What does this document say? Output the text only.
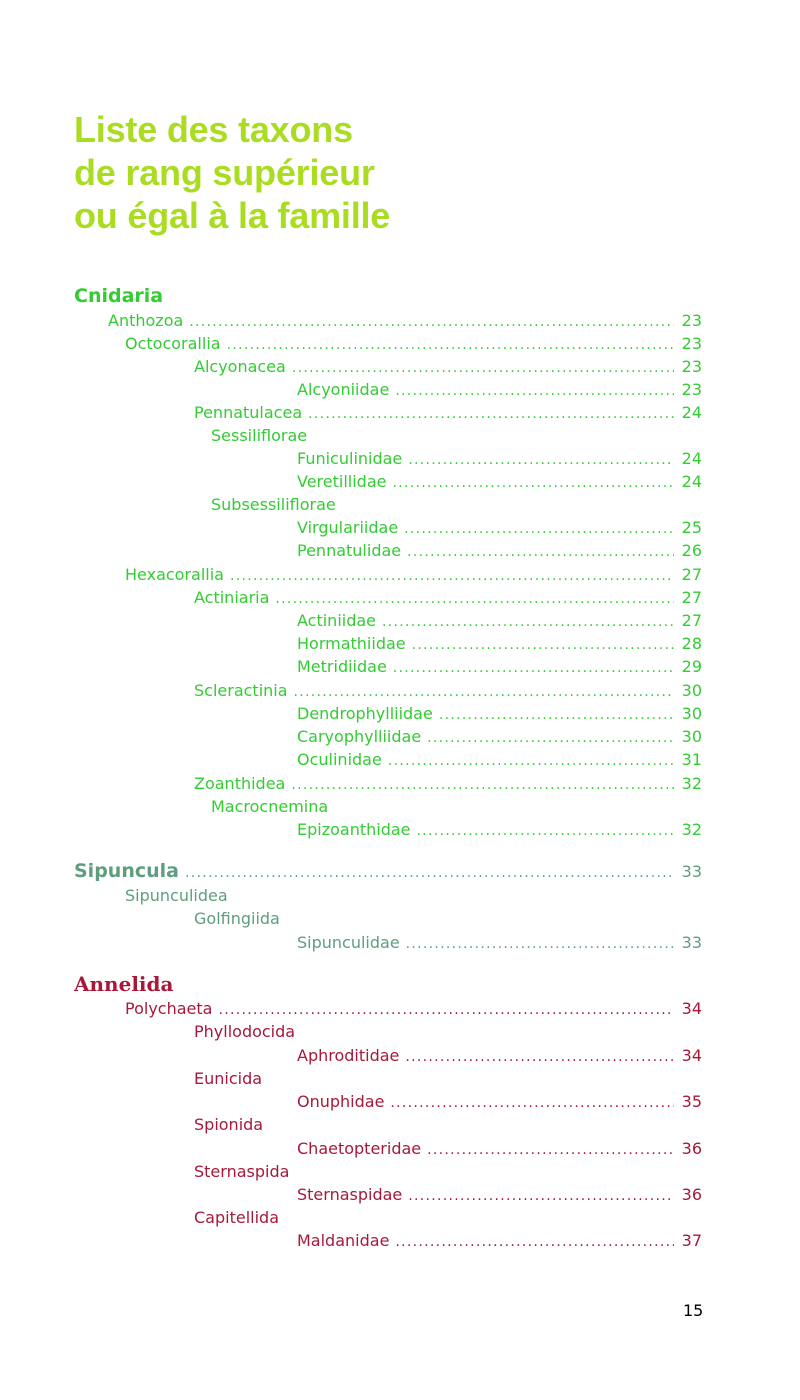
Liste des taxons
de rang supérieur
ou égal à la famille
Cnidaria
Anthozoa .....	23
Octocorallia .....	23
Alcyonacea .....	23
Alcyoniidae .....	23
Pennatulacea .....	24
Sessiliflorae
Funiculinidae .....	24
Veretillidae .....	24
Subsessiliflorae
Virgulariidae .....	25
Pennatulidae .....	26
Hexacorallia .....	27
Actiniaria .....	27
Actiniidae .....	27
Hormathiidae .....	28
Metridiidae .....	29
Scleractinia .....	30
Dendrophylliidae .....	30
Caryophylliidae .....	30
Oculinidae .....	31
Zoanthidea .....	32
Macrocnemina
Epizoanthidae .....	32
Sipuncula .....	33
Sipunculidea
Golfingiida
Sipunculidae .....	33
Annelida
Polychaeta .....	34
Phyllodocida
Aphroditidae .....	34
Eunicida
Onuphidae .....	35
Spionida
Chaetopteridae .....	36
Sternaspida
Sternaspidae .....	36
Capitellida
Maldanidae .....	37
15
